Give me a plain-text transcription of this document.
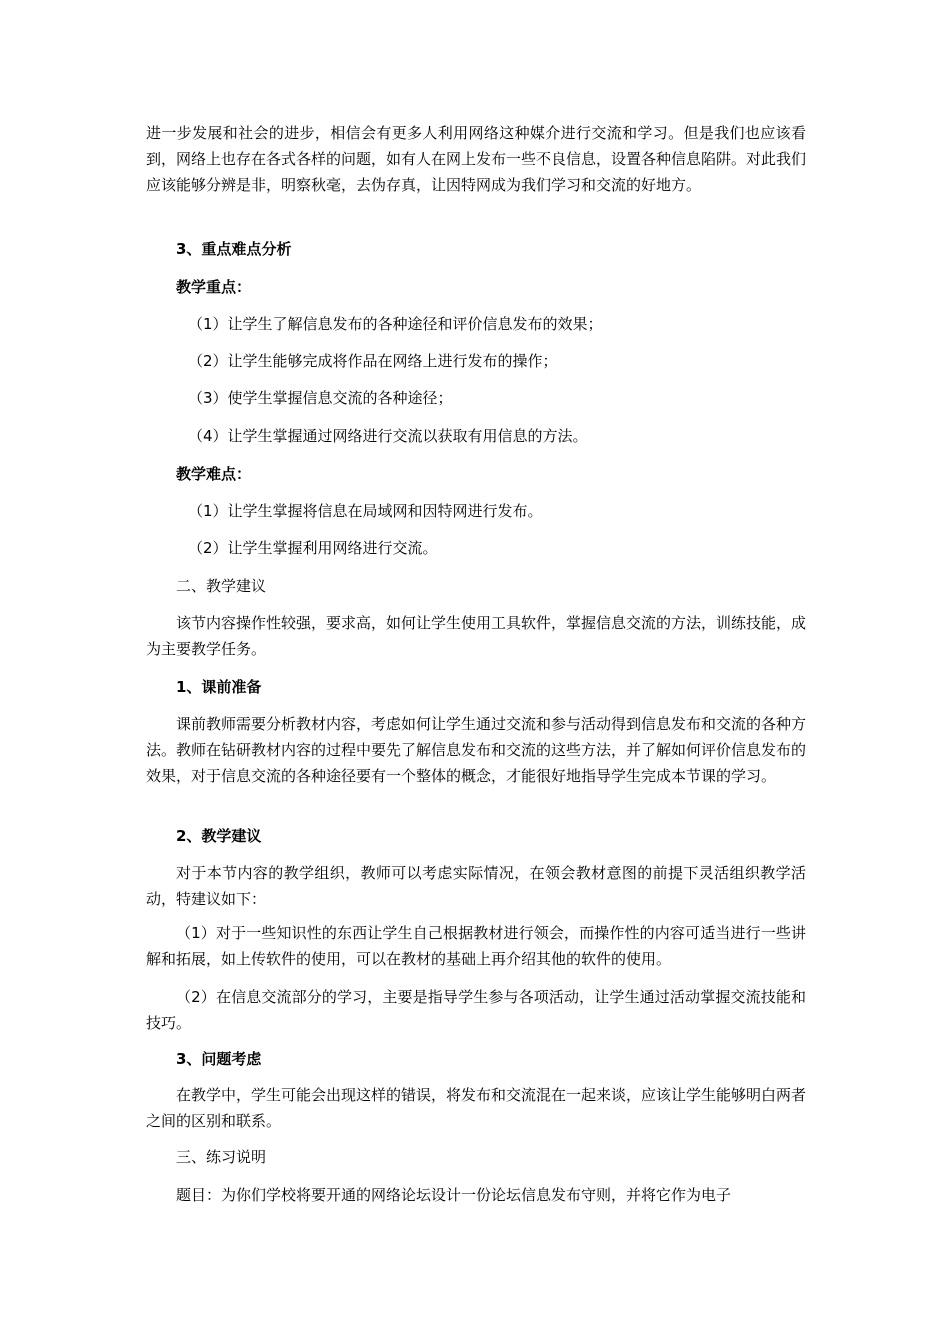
进一步发展和社会的进步，相信会有更多人利用网络这种媒介进行交流和学习。但是我们也应该看到，网络上也存在各式各样的问题，如有人在网上发布一些不良信息，设置各种信息陷阱。对此我们应该能够分辨是非，明察秋毫，去伪存真，让因特网成为我们学习和交流的好地方。

3、重点难点分析

教学重点：

（1）让学生了解信息发布的各种途径和评价信息发布的效果；

（2）让学生能够完成将作品在网络上进行发布的操作；

（3）使学生掌握信息交流的各种途径；

（4）让学生掌握通过网络进行交流以获取有用信息的方法。

教学难点：

（1）让学生掌握将信息在局域网和因特网进行发布。

（2）让学生掌握利用网络进行交流。

二、教学建议

该节内容操作性较强，要求高，如何让学生使用工具软件，掌握信息交流的方法，训练技能，成为主要教学任务。

1、课前准备

课前教师需要分析教材内容，考虑如何让学生通过交流和参与活动得到信息发布和交流的各种方法。教师在钻研教材内容的过程中要先了解信息发布和交流的这些方法，并了解如何评价信息发布的效果，对于信息交流的各种途径要有一个整体的概念，才能很好地指导学生完成本节课的学习。

2、教学建议

对于本节内容的教学组织，教师可以考虑实际情况，在领会教材意图的前提下灵活组织教学活动，特建议如下：

（1）对于一些知识性的东西让学生自己根据教材进行领会，而操作性的内容可适当进行一些讲解和拓展，如上传软件的使用，可以在教材的基础上再介绍其他的软件的使用。

（2）在信息交流部分的学习，主要是指导学生参与各项活动，让学生通过活动掌握交流技能和技巧。

3、问题考虑

在教学中，学生可能会出现这样的错误，将发布和交流混在一起来谈，应该让学生能够明白两者之间的区别和联系。

三、练习说明

题目：为你们学校将要开通的网络论坛设计一份论坛信息发布守则，并将它作为电子
